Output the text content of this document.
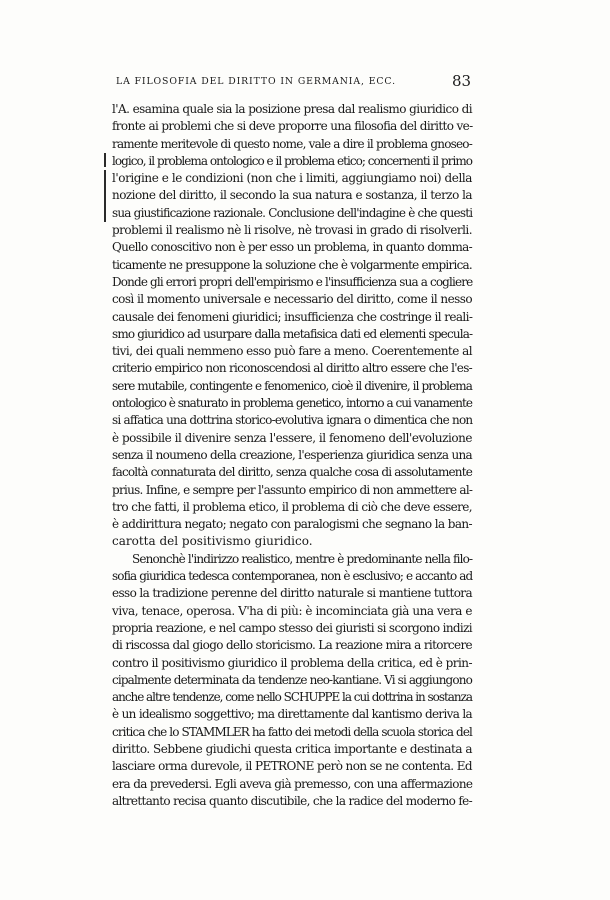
LA FILOSOFIA DEL DIRITTO IN GERMANIA, ECC.	83
l'A. esamina quale sia la posizione presa dal realismo giuridico di
fronte ai problemi che si deve proporre una filosofia del diritto ve-
ramente meritevole di questo nome, vale a dire il problema gnoseo-
logico, il problema ontologico e il problema etico; concernenti il primo
l'origine e le condizioni (non che i limiti, aggiungiamo noi) della
nozione del diritto, il secondo la sua natura e sostanza, il terzo la
sua giustificazione razionale. Conclusione dell'indagine è che questi
problemi il realismo nè li risolve, nè trovasi in grado di risolverli.
Quello conoscitivo non è per esso un problema, in quanto domma-
ticamente ne presuppone la soluzione che è volgarmente empirica.
Donde gli errori propri dell'empirismo e l'insufficienza sua a cogliere
così il momento universale e necessario del diritto, come il nesso
causale dei fenomeni giuridici; insufficienza che costringe il reali-
smo giuridico ad usurpare dalla metafisica dati ed elementi specula-
tivi, dei quali nemmeno esso può fare a meno. Coerentemente al
criterio empirico non riconoscendosi al diritto altro essere che l'es-
sere mutabile, contingente e fenomenico, cioè il divenire, il problema
ontologico è snaturato in problema genetico, intorno a cui vanamente
si affatica una dottrina storico-evolutiva ignara o dimentica che non
è possibile il divenire senza l'essere, il fenomeno dell'evoluzione
senza il noumeno della creazione, l'esperienza giuridica senza una
facoltà connaturata del diritto, senza qualche cosa di assolutamente
prius. Infine, e sempre per l'assunto empirico di non ammettere al-
tro che fatti, il problema etico, il problema di ciò che deve essere,
è addirittura negato; negato con paralogismi che segnano la ban-
carotta del positivismo giuridico.
Senonchè l'indirizzo realistico, mentre è predominante nella filo-
sofia giuridica tedesca contemporanea, non è esclusivo; e accanto ad
esso la tradizione perenne del diritto naturale si mantiene tuttora
viva, tenace, operosa. V'ha di più: è incominciata già una vera e
propria reazione, e nel campo stesso dei giuristi si scorgono indizi
di riscossa dal giogo dello storicismo. La reazione mira a ritorcere
contro il positivismo giuridico il problema della critica, ed è prin-
cipalmente determinata da tendenze neo-kantiane. Vi si aggiungono
anche altre tendenze, come nello SCHUPPE la cui dottrina in sostanza
è un idealismo soggettivo; ma direttamente dal kantismo deriva la
critica che lo STAMMLER ha fatto dei metodi della scuola storica del
diritto. Sebbene giudichi questa critica importante e destinata a
lasciare orma durevole, il PETRONE però non se ne contenta. Ed
era da prevedersi. Egli aveva già premesso, con una affermazione
altrettanto recisa quanto discutibile, che la radice del moderno fe-
